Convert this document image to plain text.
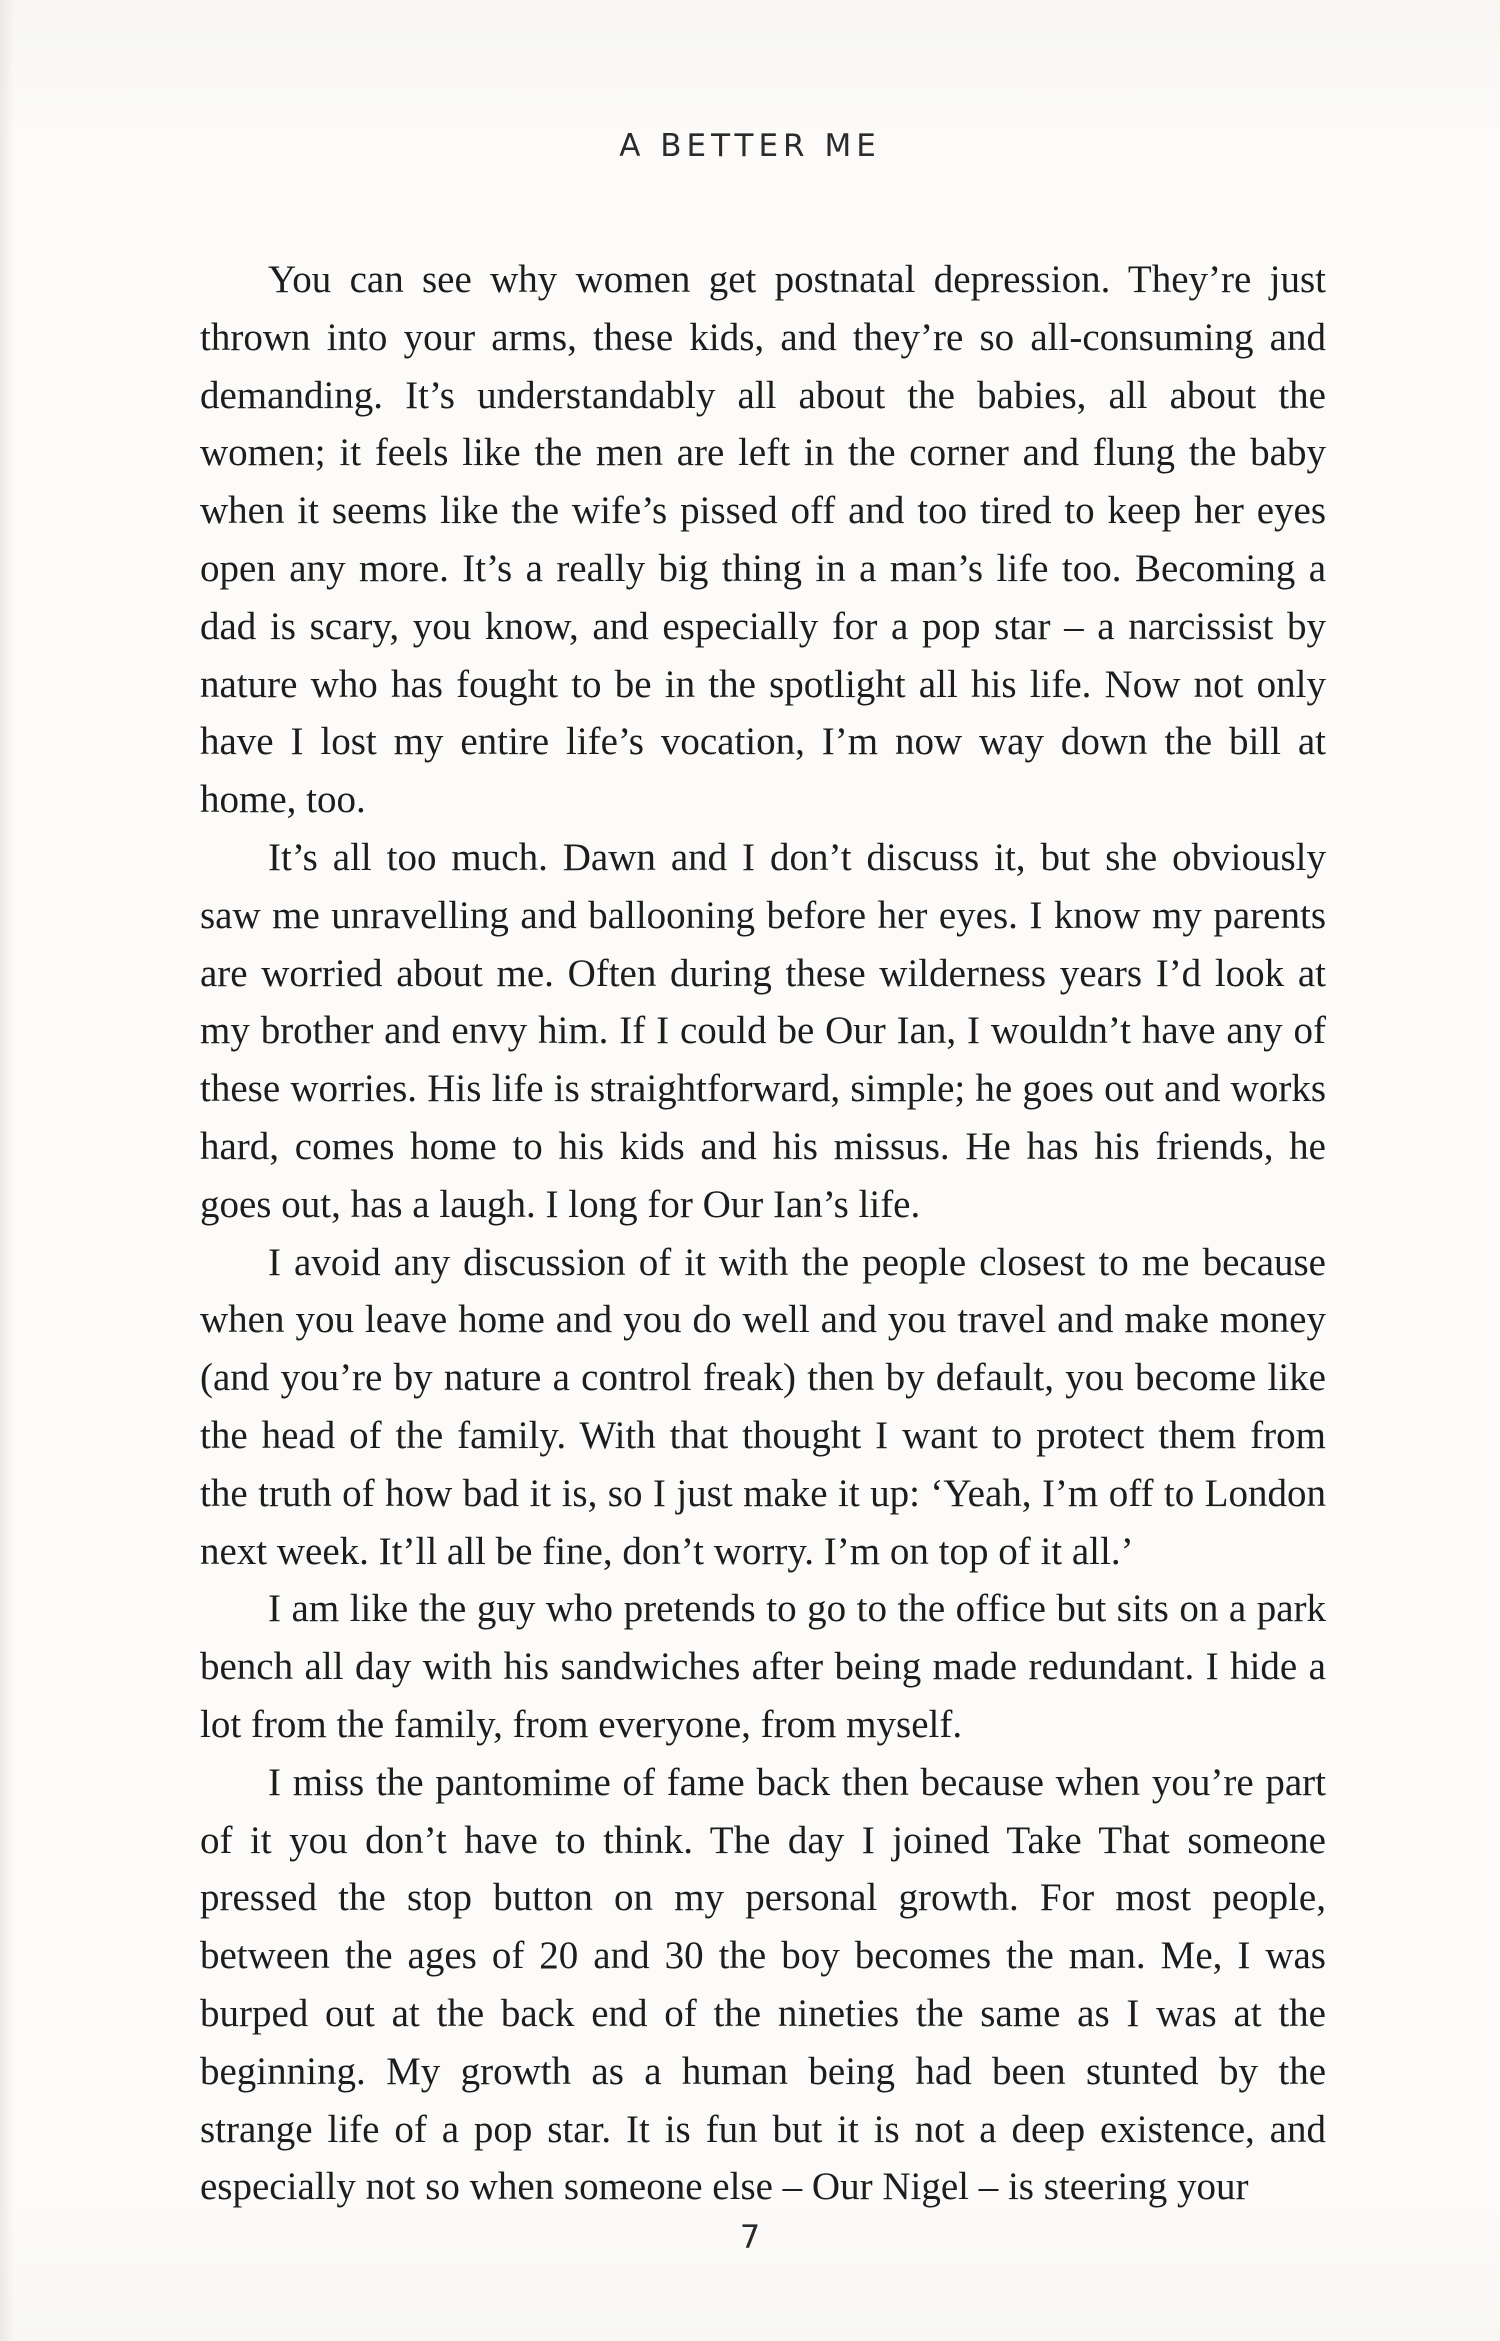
A BETTER ME

You can see why women get postnatal depression. They’re just thrown into your arms, these kids, and they’re so all-consuming and demanding. It’s understandably all about the babies, all about the women; it feels like the men are left in the corner and flung the baby when it seems like the wife’s pissed off and too tired to keep her eyes open any more. It’s a really big thing in a man’s life too. Becoming a dad is scary, you know, and especially for a pop star – a narcissist by nature who has fought to be in the spotlight all his life. Now not only have I lost my entire life’s vocation, I’m now way down the bill at home, too.

It’s all too much. Dawn and I don’t discuss it, but she obviously saw me unravelling and ballooning before her eyes. I know my parents are worried about me. Often during these wilderness years I’d look at my brother and envy him. If I could be Our Ian, I wouldn’t have any of these worries. His life is straightforward, simple; he goes out and works hard, comes home to his kids and his missus. He has his friends, he goes out, has a laugh. I long for Our Ian’s life.

I avoid any discussion of it with the people closest to me because when you leave home and you do well and you travel and make money (and you’re by nature a control freak) then by default, you become like the head of the family. With that thought I want to protect them from the truth of how bad it is, so I just make it up: ‘Yeah, I’m off to London next week. It’ll all be fine, don’t worry. I’m on top of it all.’

I am like the guy who pretends to go to the office but sits on a park bench all day with his sandwiches after being made redundant. I hide a lot from the family, from everyone, from myself.

I miss the pantomime of fame back then because when you’re part of it you don’t have to think. The day I joined Take That someone pressed the stop button on my personal growth. For most people, between the ages of 20 and 30 the boy becomes the man. Me, I was burped out at the back end of the nineties the same as I was at the beginning. My growth as a human being had been stunted by the strange life of a pop star. It is fun but it is not a deep existence, and especially not so when someone else – Our Nigel – is steering your

7
